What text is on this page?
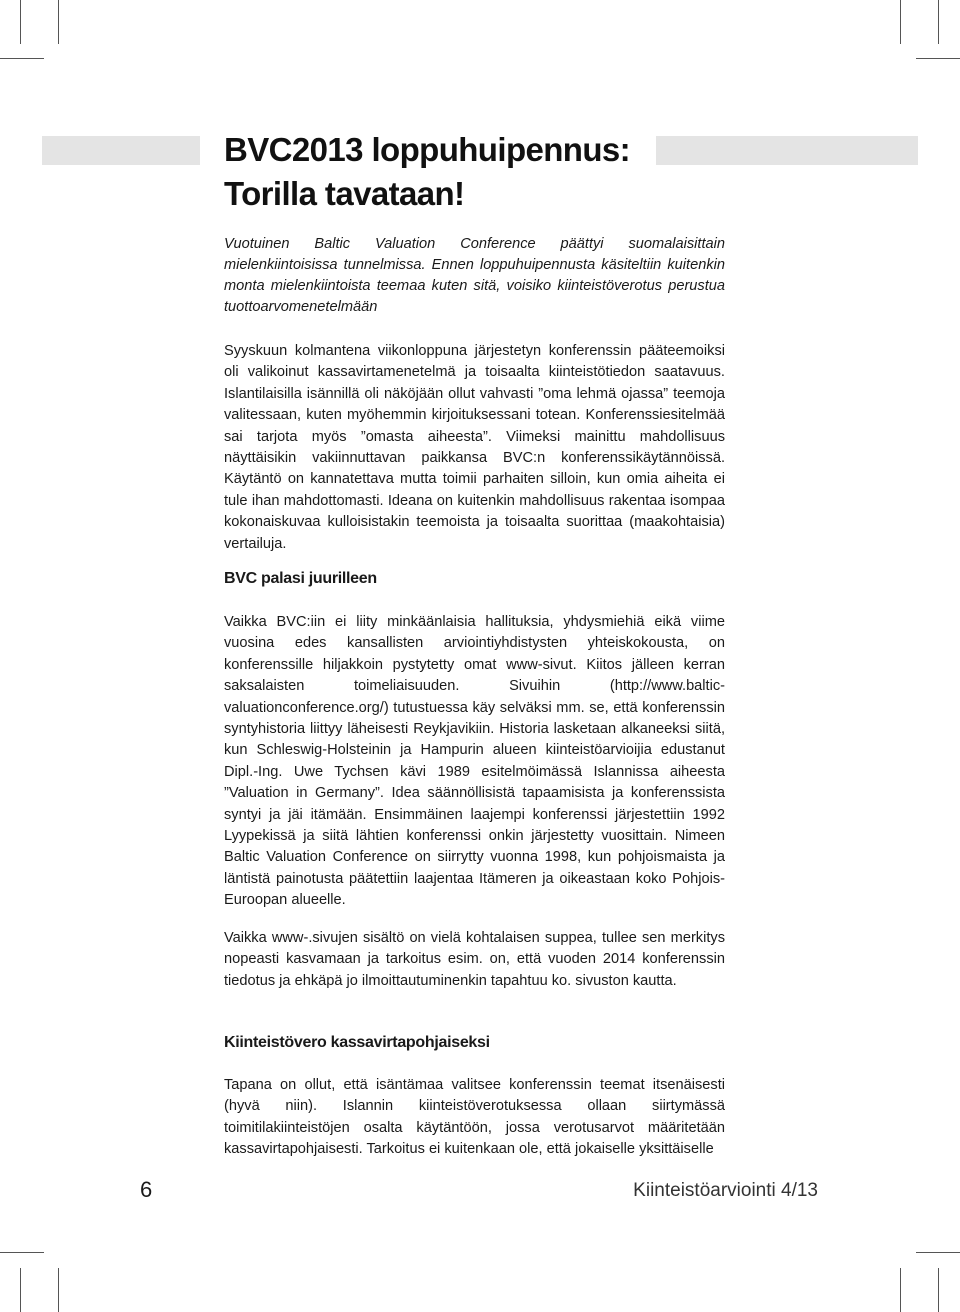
BVC2013 loppuhuipennus:
Torilla tavataan!

Vuotuinen Baltic Valuation Conference päättyi suomalaisittain mielenkiintoisissa tunnelmissa. Ennen loppuhuipennusta käsiteltiin kuitenkin monta mielenkiintoista teemaa kuten sitä, voisiko kiinteistöverotus perustua tuottoarvomenetelmään

Syyskuun kolmantena viikonloppuna järjestetyn konferenssin pääteemoiksi oli valikoinut kassavirtamenetelmä ja toisaalta kiinteistötiedon saatavuus. Islantilaisilla isännillä oli näköjään ollut vahvasti ”oma lehmä ojassa” teemoja valitessaan, kuten myöhemmin kirjoituksessani totean. Konferenssiesitelmää sai tarjota myös ”omasta aiheesta”. Viimeksi mainittu mahdollisuus näyttäisikin vakiinnuttavan paikkansa BVC:n konferenssikäytännöissä. Käytäntö on kannatettava mutta toimii parhaiten silloin, kun omia aiheita ei tule ihan mahdottomasti. Ideana on kuitenkin mahdollisuus rakentaa isompaa kokonaiskuvaa kulloisistakin teemoista ja toisaalta suorittaa (maakohtaisia) vertailuja.

BVC palasi juurilleen

Vaikka BVC:iin ei liity minkäänlaisia hallituksia, yhdysmiehiä eikä viime vuosina edes kansallisten arviointiyhdistysten yhteiskokousta, on konferenssille hiljakkoin pystytetty omat www-sivut. Kiitos jälleen kerran saksalaisten toimeliaisuuden. Sivuihin (http://www.baltic-valuationconference.org/) tutustuessa käy selväksi mm. se, että konferenssin syntyhistoria liittyy läheisesti Reykjavikiin. Historia lasketaan alkaneeksi siitä, kun Schleswig-Holsteinin ja Hampurin alueen kiinteistöarvioijia edustanut Dipl.-Ing. Uwe Tychsen kävi 1989 esitelmöimässä Islannissa aiheesta ”Valuation in Germany”. Idea säännöllisistä tapaamisista ja konferenssista syntyi ja jäi itämään. Ensimmäinen laajempi konferenssi järjestettiin 1992 Lyypekissä ja siitä lähtien konferenssi onkin järjestetty vuosittain. Nimeen Baltic Valuation Conference on siirrytty vuonna 1998, kun pohjoismaista ja läntistä painotusta päätettiin laajentaa Itämeren ja oikeastaan koko Pohjois-Euroopan alueelle.

Vaikka www-.sivujen sisältö on vielä kohtalaisen suppea, tullee sen merkitys nopeasti kasvamaan ja tarkoitus esim. on, että vuoden 2014 konferenssin tiedotus ja ehkäpä jo ilmoittautuminenkin tapahtuu ko. sivuston kautta.

Kiinteistövero kassavirtapohjaiseksi

Tapana on ollut, että isäntämaa valitsee konferenssin teemat itsenäisesti (hyvä niin). Islannin kiinteistöverotuksessa ollaan siirtymässä toimitilakiinteistöjen osalta käytäntöön, jossa verotusarvot määritetään kassavirtapohjaisesti. Tarkoitus ei kuitenkaan ole, että jokaiselle yksittäiselle

6	Kiinteistöarviointi 4/13
